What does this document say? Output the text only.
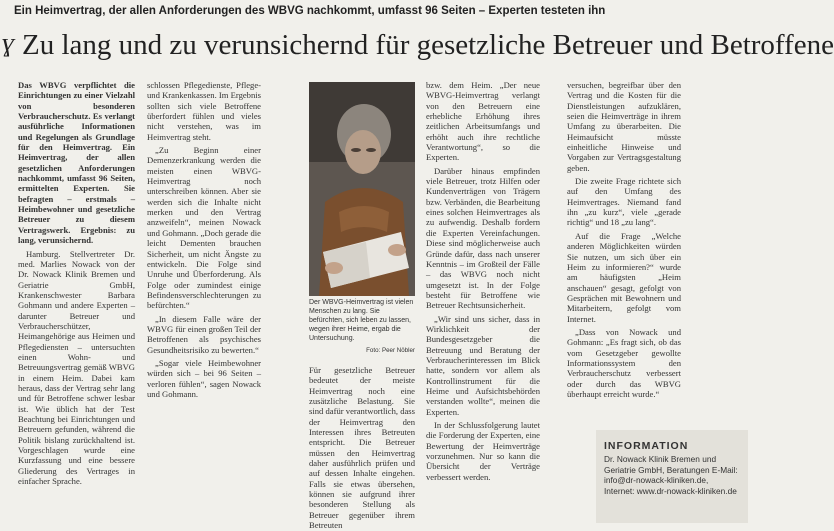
Ein Heimvertrag, der allen Anforderungen des WBVG nachkommt, umfasst 96 Seiten – Experten testeten ihn
ɣ Zu lang und zu verunsichernd für gesetzliche Betreuer und Betroffene

Das WBVG verpflichtet die Einrichtungen zu einer Vielzahl von besonderen Verbraucherschutz. Es verlangt ausführliche Informationen und Regelungen als Grundlage für den Heimvertrag. Ein Heimvertrag, der allen gesetzlichen Anforderungen nachkommt, umfasst 96 Seiten, ermittelten Experten. Sie befragten – erstmals – Heimbewohner und gesetzliche Betreuer zu diesem Vertragswerk. Ergebnis: zu lang, verunsichernd.

Hamburg. Stellvertreter Dr. med. Marlies Nowack von der Dr. Nowack Klinik Bremen und Geriatrie GmbH, Krankenschwester Barbara Gohmann und andere Experten – darunter Betreuer und Verbraucherschützer, Heimangehörige aus Heimen und Pflegediensten – untersuchten einen Wohn- und Betreuungsvertrag gemäß WBVG in einem Heim. Dabei kam heraus, dass der Vertrag sehr lang und für Betroffene schwer lesbar ist. Wie üblich hat der Test Beachtung bei Einrichtungen und Betreuern gefunden, während die Politik bislang zurückhaltend ist. Vorgeschlagen wurde eine Kurzfassung und eine bessere Gliederung des Vertrages in einfacher Sprache.

schlossen Pflegedienste, Pflege- und Krankenkassen. Im Ergebnis sollten sich viele Betroffene überfordert fühlen und vieles nicht verstehen, was im Heimvertrag steht.

„Zu Beginn einer Demenzerkrankung werden die meisten einen WBVG-Heimvertrag noch unterschreiben können. Aber sie werden sich die Inhalte nicht merken und den Vertrag anzweifeln“, meinen Nowack und Gohmann. „Doch gerade die leicht Dementen brauchen Sicherheit, um nicht Ängste zu entwickeln. Die Folge sind Unruhe und Überforderung. Als Folge oder zumindest einige Befindensverschlechterungen zu befürchten.“

„In diesem Falle wäre der WBVG für einen großen Teil der Betroffenen als psychisches Gesundheitsrisiko zu bewerten.“

„Sogar viele Heimbewohner würden sich – bei 96 Seiten – verloren fühlen“, sagen Nowack und Gohmann.

Der WBVG-Heimvertrag ist vielen Menschen zu lang. Sie befürchten, sich leben zu lassen, wegen ihrer Heime, ergab die Untersuchung.
Foto: Peer Nöbler

Für gesetzliche Betreuer bedeutet der meiste Heimvertrag noch eine zusätzliche Belastung. Sie sind dafür verantwortlich, dass der Heimvertrag den Interessen ihres Betreuten entspricht. Die Betreuer müssen den Heimvertrag daher ausführlich prüfen und auf dessen Inhalte eingehen. Falls sie etwas übersehen, können sie aufgrund ihrer besonderen Stellung als Betreuer gegenüber ihrem Betreuten

bzw. dem Heim. „Der neue WBVG-Heimvertrag verlangt von den Betreuern eine erhebliche Erhöhung ihres zeitlichen Arbeitsumfangs und erhöht auch ihre rechtliche Verantwortung“, so die Experten.

Darüber hinaus empfinden viele Betreuer, trotz Hilfen oder Kundenverträgen von Trägern bzw. Verbänden, die Bearbeitung eines solchen Heimvertrages als zu aufwendig. Deshalb fordern die Experten Vereinfachungen. Diese sind möglicherweise auch Gründe dafür, dass nach unserer Kenntnis – im Großteil der Fälle – das WBVG noch nicht umgesetzt ist. In der Folge besteht für Betroffene wie Betreuer Rechtsunsicherheit.

„Wir sind uns sicher, dass in Wirklichkeit der Bundesgesetzgeber die Betreuung und Beratung der Verbraucherinteressen im Blick hatte, sondern vor allem als Kontrollinstrument für die Heime und Aufsichtsbehörden verstanden wollte“, meinen die Experten.

In der Schlussfolgerung lautet die Forderung der Experten, eine Bewertung der Heimverträge vorzunehmen. Nur so kann die Übersicht der Verträge verbessert werden.

versuchen, begreifbar über den Vertrag und die Kosten für die Dienstleistungen aufzuklären, seien die Heimverträge in ihrem Umfang zu überarbeiten. Die Heimaufsicht müsste einheitliche Hinweise und Vorgaben zur Vertragsgestaltung geben.

Die zweite Frage richtete sich auf den Umfang des Heimvertrages. Niemand fand ihn „zu kurz“, viele „gerade richtig“ und 18 „zu lang“.

Auf die Frage „Welche anderen Möglichkeiten würden Sie nutzen, um sich über ein Heim zu informieren?“ wurde am häufigsten „Heim anschauen“ gesagt, gefolgt von Gesprächen mit Bewohnern und Mitarbeitern, gefolgt vom Internet.

„Dass von Nowack und Gohmann: „Es fragt sich, ob das vom Gesetzgeber gewollte Informationssystem den Verbraucherschutz verbessert oder durch das WBVG überhaupt erreicht wurde.“

INFORMATION
Dr. Nowack Klinik Bremen und Geriatrie GmbH, Beratungen E-Mail: info@dr-nowack-kliniken.de, Internet: www.dr-nowack-kliniken.de
